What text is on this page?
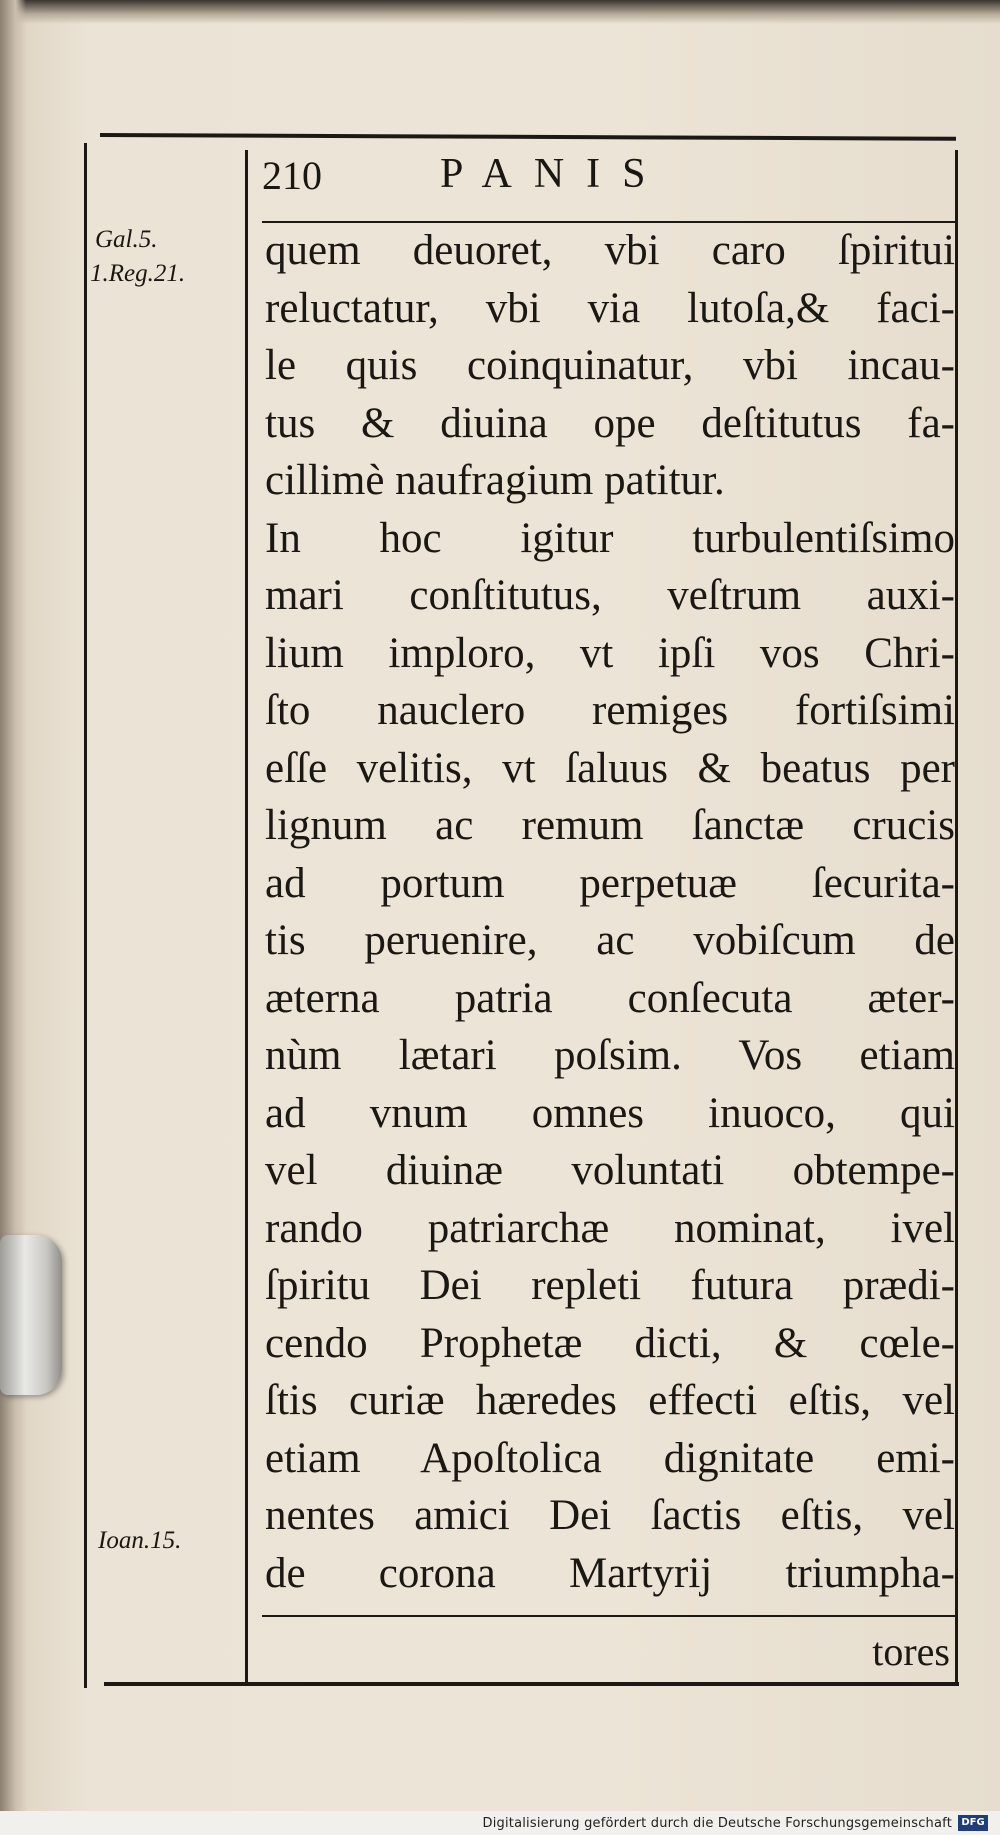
210	PANIS
Gal.5.
1.Reg.21.
Ioan.15.
quem deuoret, vbi caro ſpiritui
reluctatur, vbi via lutoſa,& faci-
le quis coinquinatur, vbi incau-
tus & diuina ope deſtitutus fa-
cillimè naufragium patitur.
In hoc igitur turbulentiſsimo
mari conſtitutus, veſtrum auxi-
lium imploro, vt ipſi vos Chri-
ſto nauclero remiges fortiſsimi
eſſe velitis, vt ſaluus & beatus per
lignum ac remum ſanctæ crucis
ad portum perpetuæ ſecurita-
tis peruenire, ac vobiſcum de
æterna patria conſecuta æter-
nùm lætari poſsim. Vos etiam
ad vnum omnes inuoco, qui
vel diuinæ voluntati obtempe-
rando patriarchæ nominat, ivel
ſpiritu Dei repleti futura prædi-
cendo Prophetæ dicti, & cœle-
ſtis curiæ hæredes effecti eſtis, vel
etiam Apoſtolica dignitate emi-
nentes amici Dei ſactis eſtis, vel
de corona Martyrij triumpha-
tores
Digitalisierung gefördert durch die Deutsche Forschungsgemeinschaft DFG
